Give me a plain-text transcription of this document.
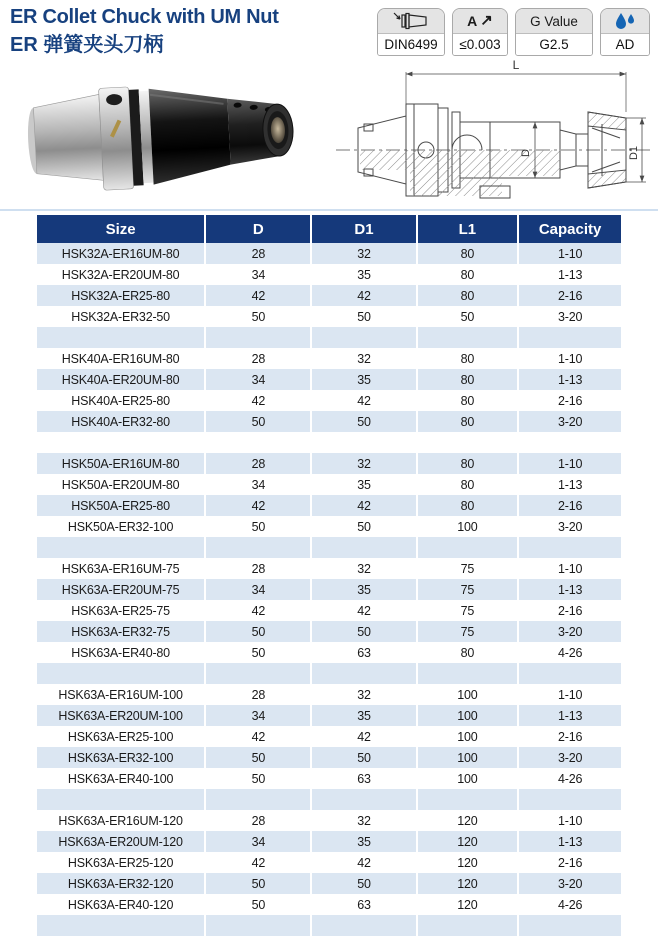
ER Collet Chuck with UM Nut
ER 弹簧夹头刀柄	DIN6499
A ↗
≤0.003
G Value
G2.5	AD
L
D	D1
Size	D	D1	L1	Capacity
HSK32A-ER16UM-80	28	32	80	1-10
HSK32A-ER20UM-80	34	35	80	1-13
HSK32A-ER25-80	42	42	80	2-16
HSK32A-ER32-50	50	50	50	3-20

HSK40A-ER16UM-80	28	32	80	1-10
HSK40A-ER20UM-80	34	35	80	1-13
HSK40A-ER25-80	42	42	80	2-16
HSK40A-ER32-80	50	50	80	3-20

HSK50A-ER16UM-80	28	32	80	1-10
HSK50A-ER20UM-80	34	35	80	1-13
HSK50A-ER25-80	42	42	80	2-16
HSK50A-ER32-100	50	50	100	3-20

HSK63A-ER16UM-75	28	32	75	1-10
HSK63A-ER20UM-75	34	35	75	1-13
HSK63A-ER25-75	42	42	75	2-16
HSK63A-ER32-75	50	50	75	3-20
HSK63A-ER40-80	50	63	80	4-26

HSK63A-ER16UM-100	28	32	100	1-10
HSK63A-ER20UM-100	34	35	100	1-13
HSK63A-ER25-100	42	42	100	2-16
HSK63A-ER32-100	50	50	100	3-20
HSK63A-ER40-100	50	63	100	4-26

HSK63A-ER16UM-120	28	32	120	1-10
HSK63A-ER20UM-120	34	35	120	1-13
HSK63A-ER25-120	42	42	120	2-16
HSK63A-ER32-120	50	50	120	3-20
HSK63A-ER40-120	50	63	120	4-26
